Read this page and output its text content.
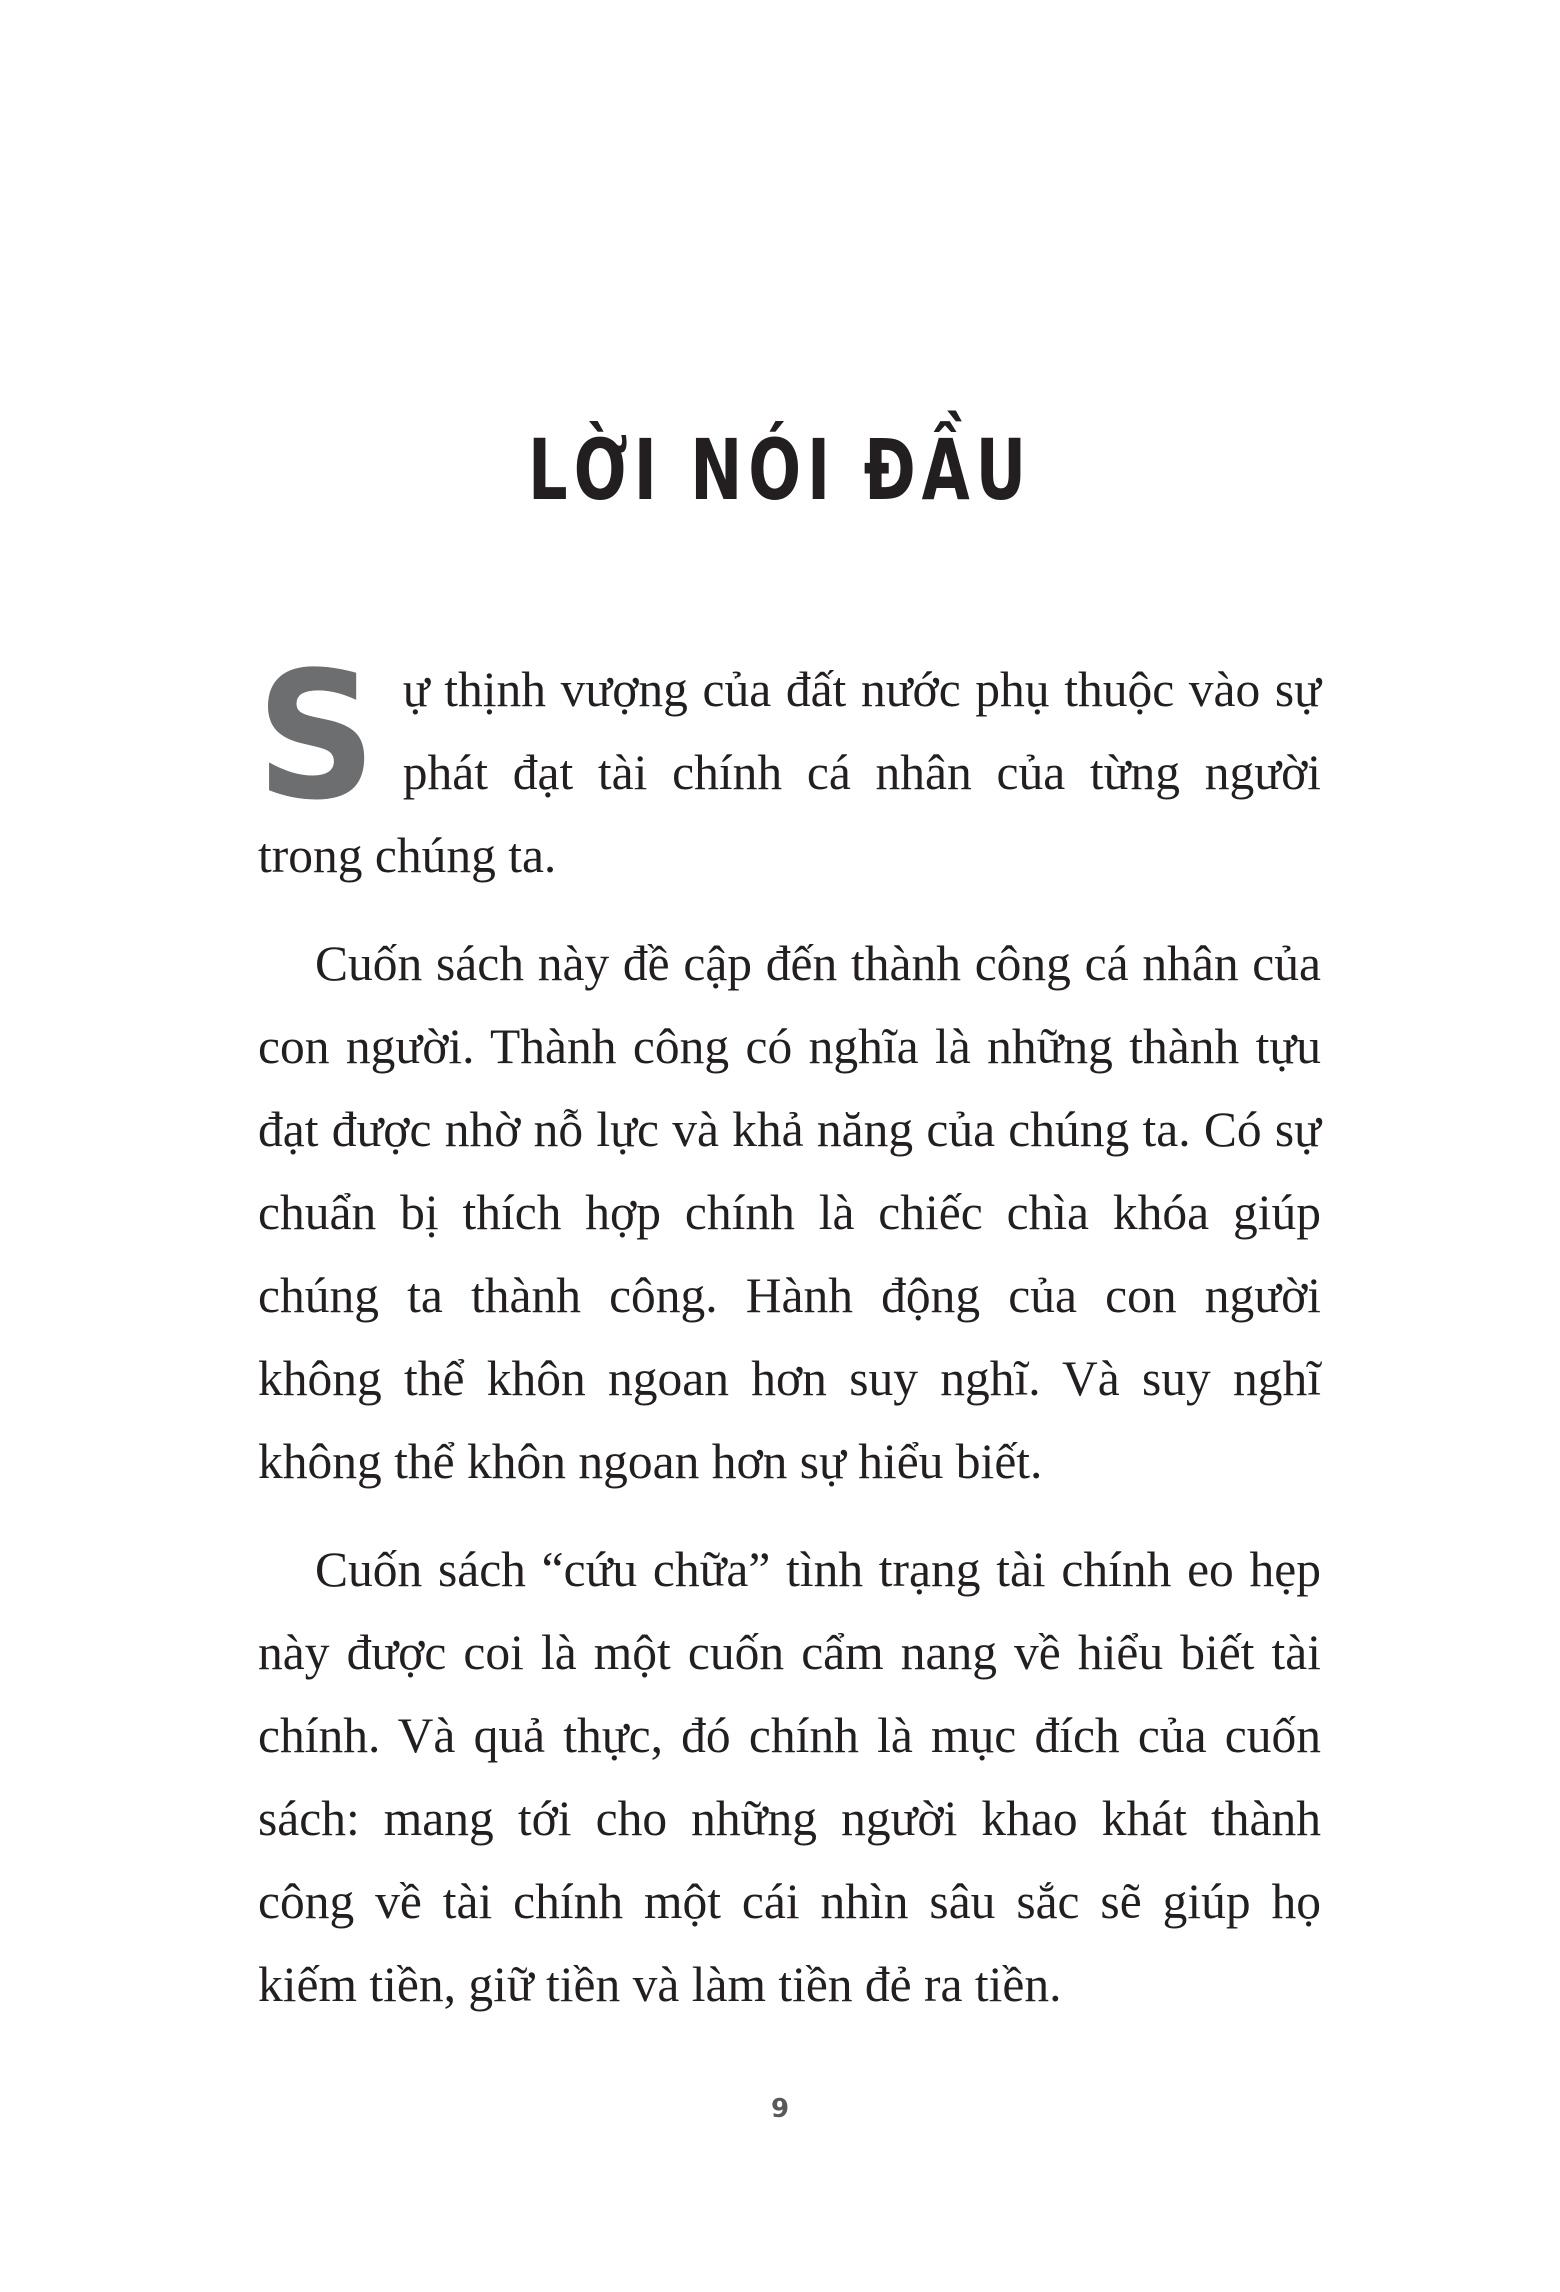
LỜI NÓI ĐẦU

Sự thịnh vượng của đất nước phụ thuộc vào sự phát đạt tài chính cá nhân của từng người trong chúng ta.

Cuốn sách này đề cập đến thành công cá nhân của con người. Thành công có nghĩa là những thành tựu đạt được nhờ nỗ lực và khả năng của chúng ta. Có sự chuẩn bị thích hợp chính là chiếc chìa khóa giúp chúng ta thành công. Hành động của con người không thể khôn ngoan hơn suy nghĩ. Và suy nghĩ không thể khôn ngoan hơn sự hiểu biết.

Cuốn sách “cứu chữa” tình trạng tài chính eo hẹp này được coi là một cuốn cẩm nang về hiểu biết tài chính. Và quả thực, đó chính là mục đích của cuốn sách: mang tới cho những người khao khát thành công về tài chính một cái nhìn sâu sắc sẽ giúp họ kiếm tiền, giữ tiền và làm tiền đẻ ra tiền.

9
